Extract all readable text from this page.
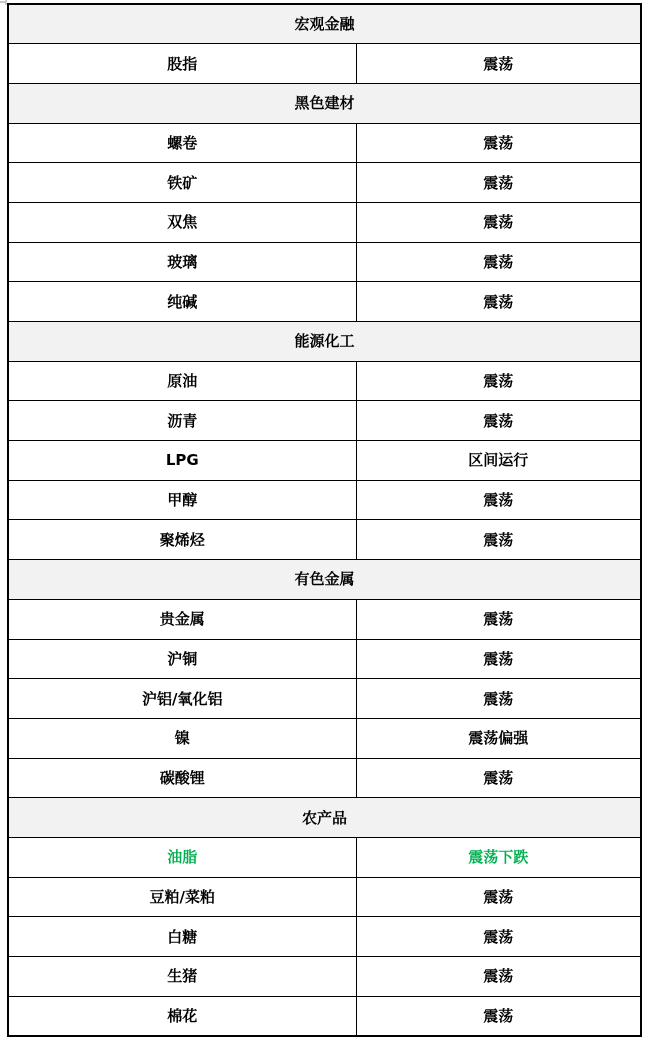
宏观金融	
股指	震荡
黑色建材	
螺卷	震荡
铁矿	震荡
双焦	震荡
玻璃	震荡
纯碱	震荡
能源化工	
原油	震荡
沥青	震荡
LPG	区间运行
甲醇	震荡
聚烯烃	震荡
有色金属	
贵金属	震荡
沪铜	震荡
沪铝/氧化铝	震荡
镍	震荡偏强
碳酸锂	震荡
农产品	
油脂	震荡下跌
豆粕/菜粕	震荡
白糖	震荡
生猪	震荡
棉花	震荡
